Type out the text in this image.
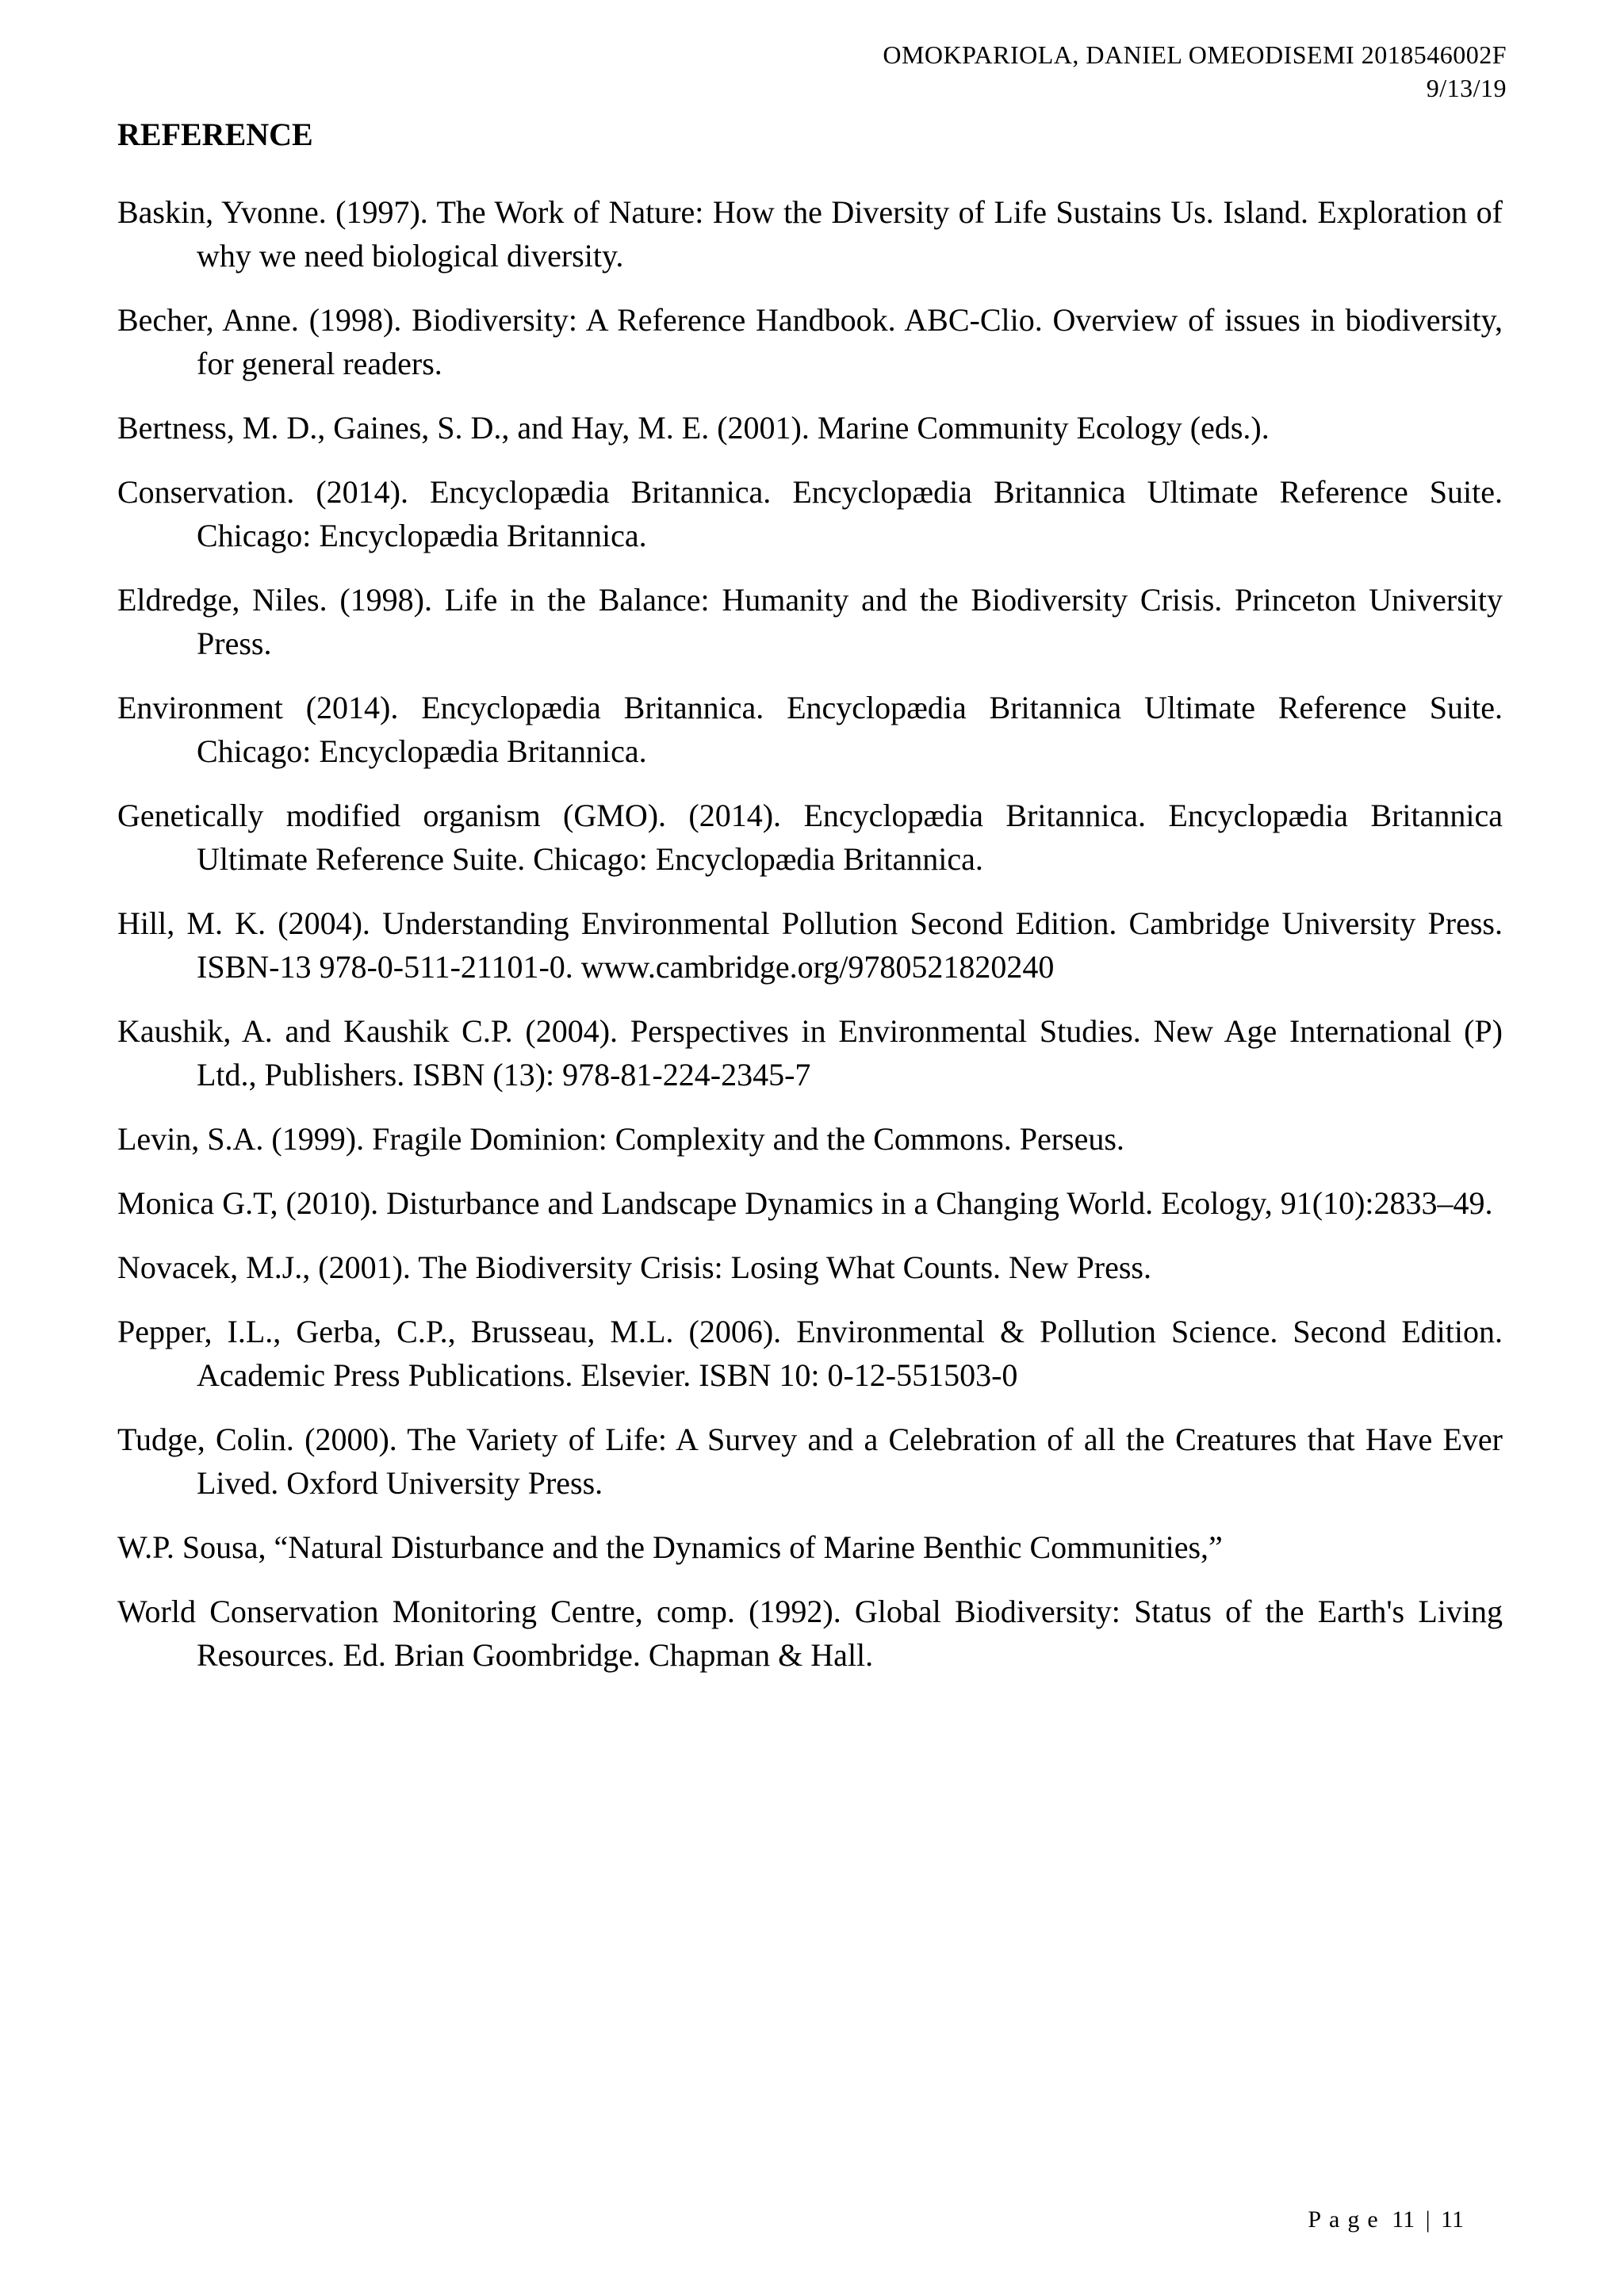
OMOKPARIOLA, DANIEL OMEODISEMI 2018546002F
9/13/19
REFERENCE
Baskin, Yvonne. (1997). The Work of Nature: How the Diversity of Life Sustains Us. Island. Exploration of why we need biological diversity.
Becher, Anne. (1998). Biodiversity: A Reference Handbook. ABC-Clio. Overview of issues in biodiversity, for general readers.
Bertness, M. D., Gaines, S. D., and Hay, M. E. (2001). Marine Community Ecology (eds.).
Conservation. (2014). Encyclopædia Britannica. Encyclopædia Britannica Ultimate Reference Suite. Chicago: Encyclopædia Britannica.
Eldredge, Niles. (1998). Life in the Balance: Humanity and the Biodiversity Crisis. Princeton University Press.
Environment (2014). Encyclopædia Britannica. Encyclopædia Britannica Ultimate Reference Suite. Chicago: Encyclopædia Britannica.
Genetically modified organism (GMO). (2014). Encyclopædia Britannica. Encyclopædia Britannica Ultimate Reference Suite. Chicago: Encyclopædia Britannica.
Hill, M. K. (2004). Understanding Environmental Pollution Second Edition. Cambridge University Press. ISBN-13 978-0-511-21101-0. www.cambridge.org/9780521820240
Kaushik, A. and Kaushik C.P. (2004). Perspectives in Environmental Studies. New Age International (P) Ltd., Publishers. ISBN (13): 978-81-224-2345-7
Levin, S.A. (1999). Fragile Dominion: Complexity and the Commons. Perseus.
Monica G.T, (2010). Disturbance and Landscape Dynamics in a Changing World. Ecology, 91(10):2833–49.
Novacek, M.J., (2001). The Biodiversity Crisis: Losing What Counts. New Press.
Pepper, I.L., Gerba, C.P., Brusseau, M.L. (2006). Environmental & Pollution Science. Second Edition. Academic Press Publications. Elsevier. ISBN 10: 0-12-551503-0
Tudge, Colin. (2000). The Variety of Life: A Survey and a Celebration of all the Creatures that Have Ever Lived. Oxford University Press.
W.P. Sousa, “Natural Disturbance and the Dynamics of Marine Benthic Communities,”
World Conservation Monitoring Centre, comp. (1992). Global Biodiversity: Status of the Earth's Living Resources. Ed. Brian Goombridge. Chapman & Hall.
Page 11 | 11
